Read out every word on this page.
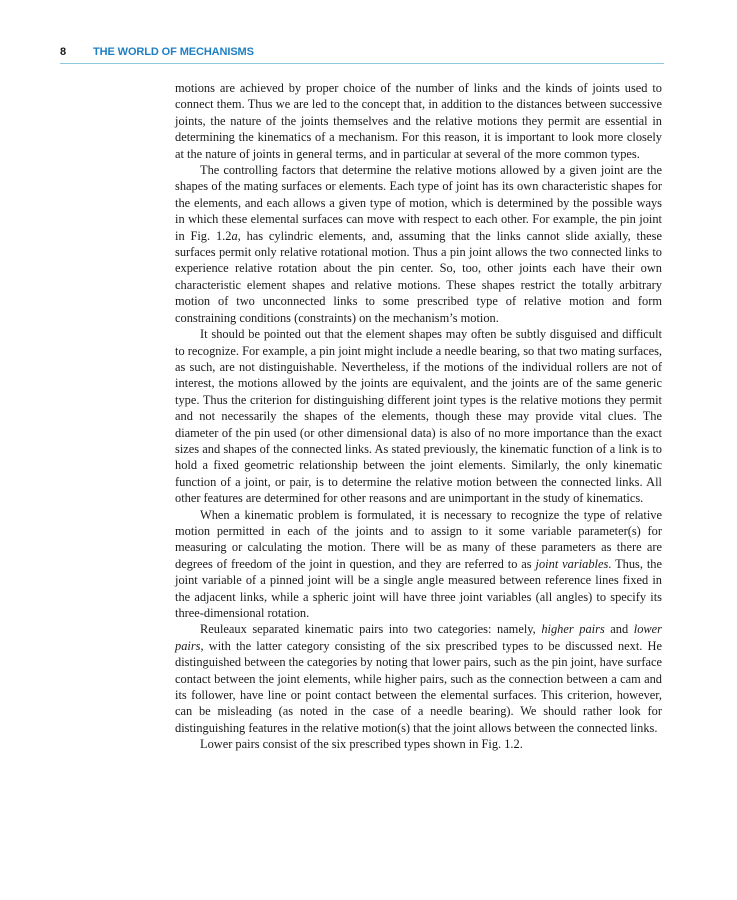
8 THE WORLD OF MECHANISMS

motions are achieved by proper choice of the number of links and the kinds of joints used to connect them. Thus we are led to the concept that, in addition to the distances between successive joints, the nature of the joints themselves and the relative motions they permit are essential in determining the kinematics of a mechanism. For this reason, it is important to look more closely at the nature of joints in general terms, and in particular at several of the more common types.

The controlling factors that determine the relative motions allowed by a given joint are the shapes of the mating surfaces or elements. Each type of joint has its own characteristic shapes for the elements, and each allows a given type of motion, which is determined by the possible ways in which these elemental surfaces can move with respect to each other. For example, the pin joint in Fig. 1.2a, has cylindric elements, and, assuming that the links cannot slide axially, these surfaces permit only relative rotational motion. Thus a pin joint allows the two connected links to experience relative rotation about the pin center. So, too, other joints each have their own characteristic element shapes and relative motions. These shapes restrict the totally arbitrary motion of two unconnected links to some prescribed type of relative motion and form constraining conditions (constraints) on the mechanism’s motion.

It should be pointed out that the element shapes may often be subtly disguised and difficult to recognize. For example, a pin joint might include a needle bearing, so that two mating surfaces, as such, are not distinguishable. Nevertheless, if the motions of the individual rollers are not of interest, the motions allowed by the joints are equivalent, and the joints are of the same generic type. Thus the criterion for distinguishing different joint types is the relative motions they permit and not necessarily the shapes of the elements, though these may provide vital clues. The diameter of the pin used (or other dimensional data) is also of no more importance than the exact sizes and shapes of the connected links. As stated previously, the kinematic function of a link is to hold a fixed geometric relationship between the joint elements. Similarly, the only kinematic function of a joint, or pair, is to determine the relative motion between the connected links. All other features are determined for other reasons and are unimportant in the study of kinematics.

When a kinematic problem is formulated, it is necessary to recognize the type of relative motion permitted in each of the joints and to assign to it some variable parameter(s) for measuring or calculating the motion. There will be as many of these parameters as there are degrees of freedom of the joint in question, and they are referred to as joint variables. Thus, the joint variable of a pinned joint will be a single angle measured between reference lines fixed in the adjacent links, while a spheric joint will have three joint variables (all angles) to specify its three-dimensional rotation.

Reuleaux separated kinematic pairs into two categories: namely, higher pairs and lower pairs, with the latter category consisting of the six prescribed types to be discussed next. He distinguished between the categories by noting that lower pairs, such as the pin joint, have surface contact between the joint elements, while higher pairs, such as the connection between a cam and its follower, have line or point contact between the elemental surfaces. This criterion, however, can be misleading (as noted in the case of a needle bearing). We should rather look for distinguishing features in the relative motion(s) that the joint allows between the connected links.

Lower pairs consist of the six prescribed types shown in Fig. 1.2.
